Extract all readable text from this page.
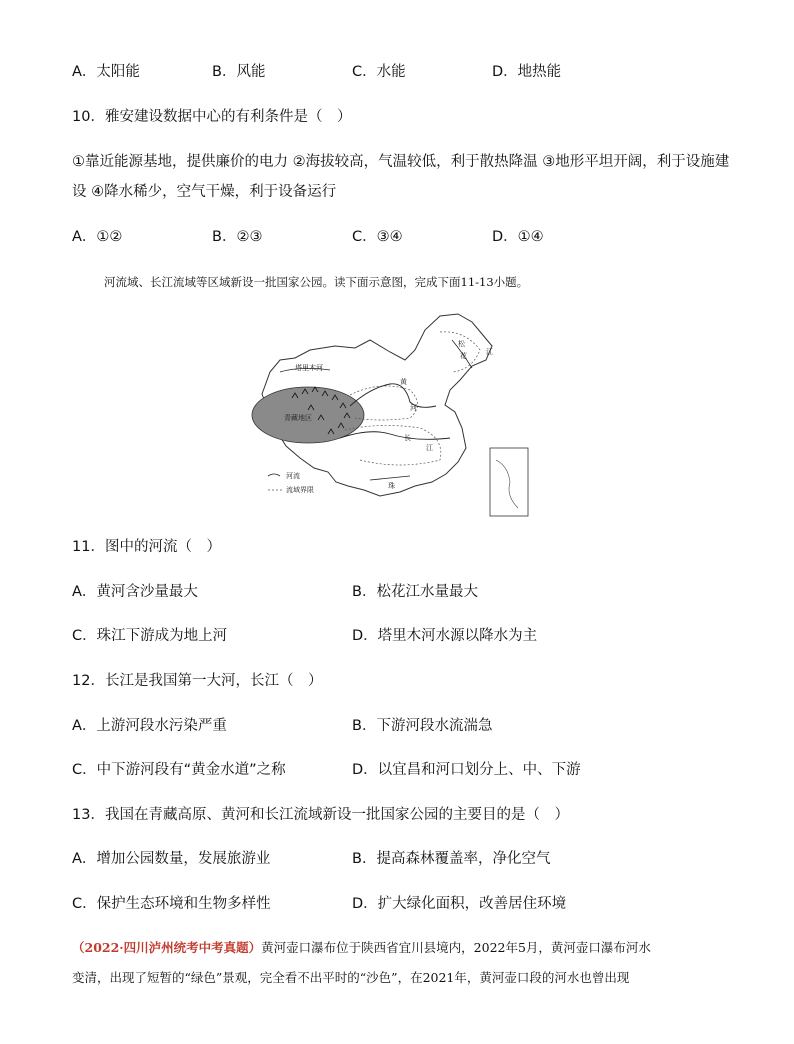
A．太阳能	B．风能	C．水能	D．地热能
10．雅安建设数据中心的有利条件是（　）
①靠近能源基地，提供廉价的电力 ②海拔较高，气温较低，利于散热降温 ③地形平坦开阔，利于设施建
设 ④降水稀少，空气干燥，利于设备运行
A．①②	B．②③	C．③④	D．①④
河流域、长江流域等区域新设一批国家公园。读下面示意图，完成下面11-13小题。
塔里木河
青藏地区
黄
河
长
江
松
花	江
珠
河流
流域界限
11．图中的河流（　）
A．黄河含沙量最大	B．松花江水量最大
C．珠江下游成为地上河	D．塔里木河水源以降水为主
12．长江是我国第一大河，长江（　）
A．上游河段水污染严重	B．下游河段水流湍急
C．中下游河段有“黄金水道”之称	D．以宜昌和河口划分上、中、下游
13．我国在青藏高原、黄河和长江流域新设一批国家公园的主要目的是（　）
A．增加公园数量，发展旅游业	B．提高森林覆盖率，净化空气
C．保护生态环境和生物多样性	D．扩大绿化面积，改善居住环境
（2022·四川泸州统考中考真题）黄河壶口瀑布位于陕西省宜川县境内，2022年5月，黄河壶口瀑布河水
变清，出现了短暂的“绿色”景观，完全看不出平时的“沙色”，在2021年，黄河壶口段的河水也曾出现
